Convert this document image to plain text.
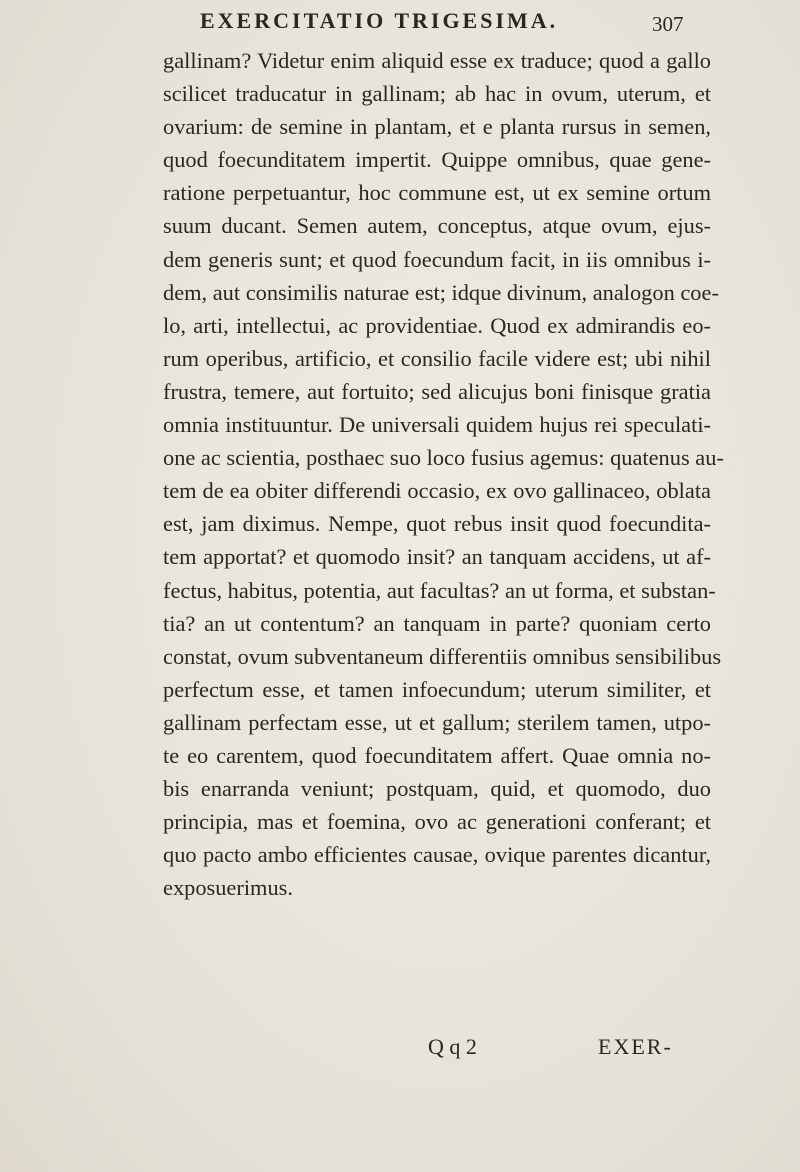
EXERCITATIO TRIGESIMA.	307
gallinam? Videtur enim aliquid esse ex traduce; quod a gallo
scilicet traducatur in gallinam; ab hac in ovum, uterum, et
ovarium: de semine in plantam, et e planta rursus in semen,
quod foecunditatem impertit. Quippe omnibus, quae gene-
ratione perpetuantur, hoc commune est, ut ex semine ortum
suum ducant. Semen autem, conceptus, atque ovum, ejus-
dem generis sunt; et quod foecundum facit, in iis omnibus i-
dem, aut consimilis naturae est; idque divinum, analogon coe-
lo, arti, intellectui, ac providentiae. Quod ex admirandis eo-
rum operibus, artificio, et consilio facile videre est; ubi nihil
frustra, temere, aut fortuito; sed alicujus boni finisque gratia
omnia instituuntur. De universali quidem hujus rei speculati-
one ac scientia, posthaec suo loco fusius agemus: quatenus au-
tem de ea obiter differendi occasio, ex ovo gallinaceo, oblata
est, jam diximus. Nempe, quot rebus insit quod foecundita-
tem apportat? et quomodo insit? an tanquam accidens, ut af-
fectus, habitus, potentia, aut facultas? an ut forma, et substan-
tia? an ut contentum? an tanquam in parte? quoniam certo
constat, ovum subventaneum differentiis omnibus sensibilibus
perfectum esse, et tamen infoecundum; uterum similiter, et
gallinam perfectam esse, ut et gallum; sterilem tamen, utpo-
te eo carentem, quod foecunditatem affert. Quae omnia no-
bis enarranda veniunt; postquam, quid, et quomodo, duo
principia, mas et foemina, ovo ac generationi conferant; et
quo pacto ambo efficientes causae, ovique parentes dicantur,
exposuerimus.
Q q 2	EXER-
